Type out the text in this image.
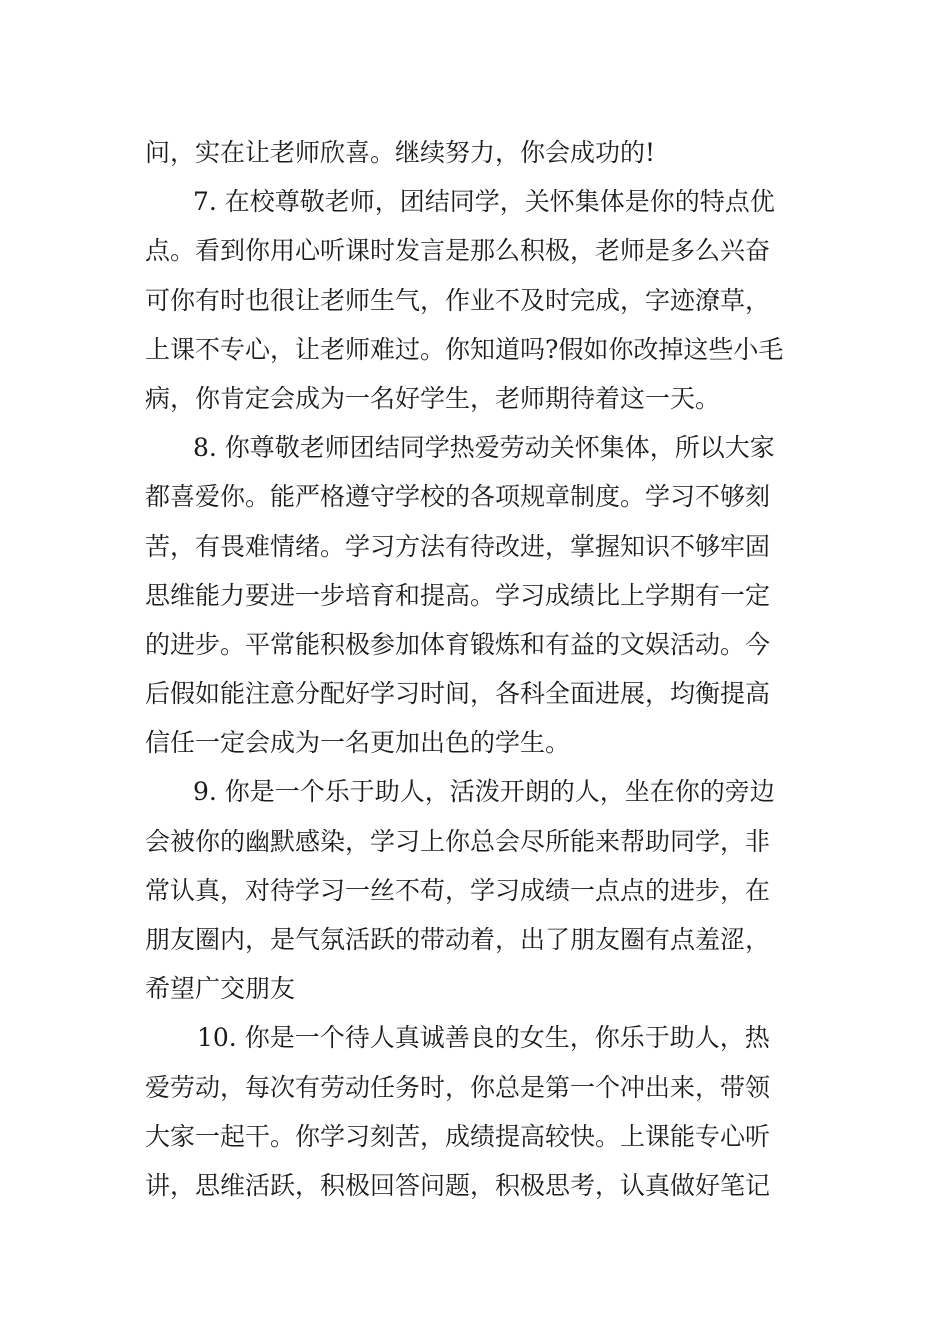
问，实在让老师欣喜。继续努力，你会成功的!
7. 在校尊敬老师，团结同学，关怀集体是你的特点优
点。看到你用心听课时发言是那么积极，老师是多么兴奋
可你有时也很让老师生气，作业不及时完成，字迹潦草，
上课不专心，让老师难过。你知道吗?假如你改掉这些小毛
病，你肯定会成为一名好学生，老师期待着这一天。
8. 你尊敬老师团结同学热爱劳动关怀集体，所以大家
都喜爱你。能严格遵守学校的各项规章制度。学习不够刻
苦，有畏难情绪。学习方法有待改进，掌握知识不够牢固
思维能力要进一步培育和提高。学习成绩比上学期有一定
的进步。平常能积极参加体育锻炼和有益的文娱活动。今
后假如能注意分配好学习时间，各科全面进展，均衡提高
信任一定会成为一名更加出色的学生。
9. 你是一个乐于助人，活泼开朗的人，坐在你的旁边
会被你的幽默感染，学习上你总会尽所能来帮助同学，非
常认真，对待学习一丝不苟，学习成绩一点点的进步，在
朋友圈内，是气氛活跃的带动着，出了朋友圈有点羞涩，
希望广交朋友
10. 你是一个待人真诚善良的女生，你乐于助人，热
爱劳动，每次有劳动任务时，你总是第一个冲出来，带领
大家一起干。你学习刻苦，成绩提高较快。上课能专心听
讲，思维活跃，积极回答问题，积极思考，认真做好笔记
